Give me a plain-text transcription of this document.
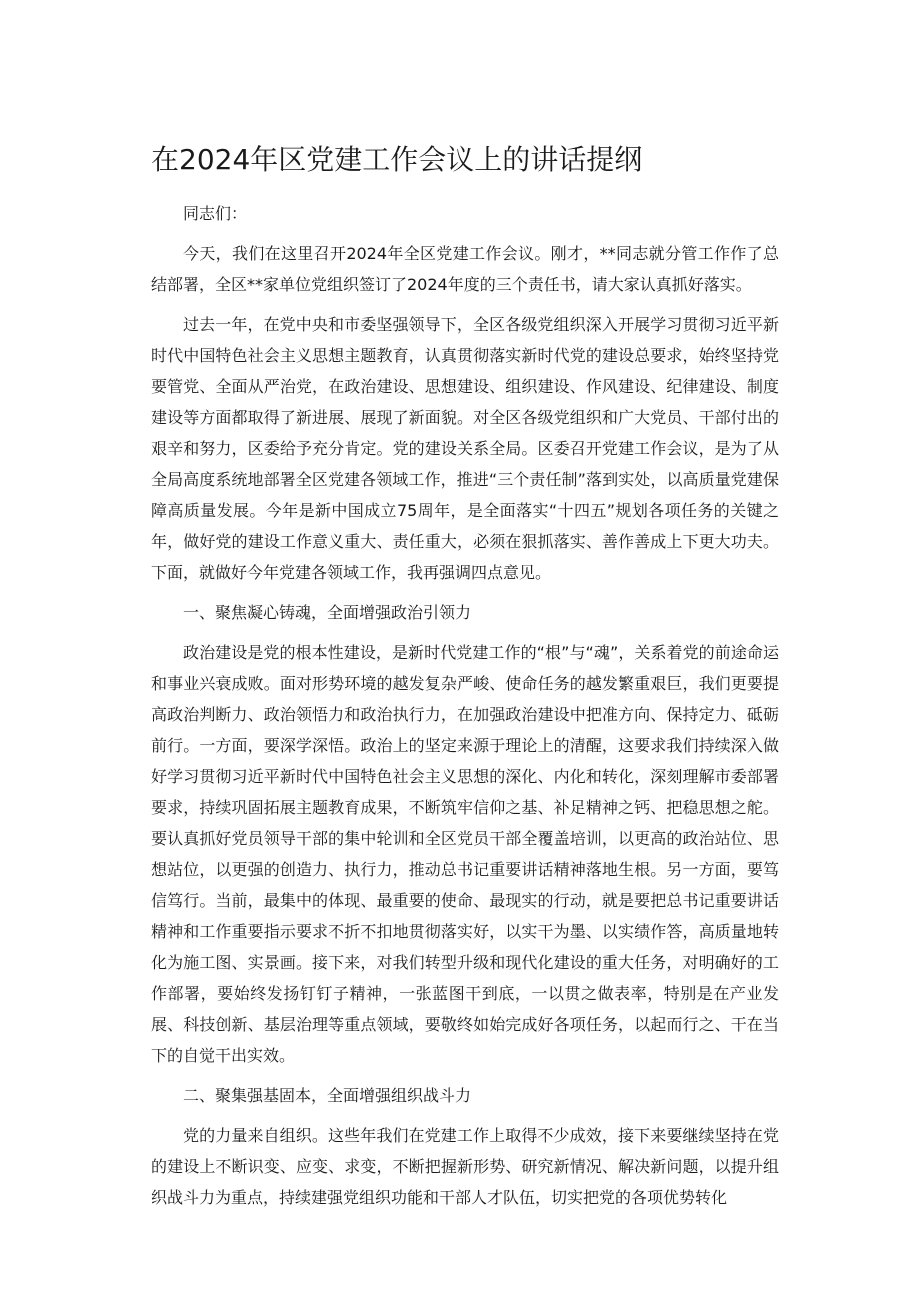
在2024年区党建工作会议上的讲话提纲

同志们：

今天，我们在这里召开2024年全区党建工作会议。刚才，**同志就分管工作作了总结部署，全区**家单位党组织签订了2024年度的三个责任书，请大家认真抓好落实。

过去一年，在党中央和市委坚强领导下，全区各级党组织深入开展学习贯彻习近平新时代中国特色社会主义思想主题教育，认真贯彻落实新时代党的建设总要求，始终坚持党要管党、全面从严治党，在政治建设、思想建设、组织建设、作风建设、纪律建设、制度建设等方面都取得了新进展、展现了新面貌。对全区各级党组织和广大党员、干部付出的艰辛和努力，区委给予充分肯定。党的建设关系全局。区委召开党建工作会议，是为了从全局高度系统地部署全区党建各领域工作，推进“三个责任制”落到实处，以高质量党建保障高质量发展。今年是新中国成立75周年，是全面落实“十四五”规划各项任务的关键之年，做好党的建设工作意义重大、责任重大，必须在狠抓落实、善作善成上下更大功夫。下面，就做好今年党建各领域工作，我再强调四点意见。

一、聚焦凝心铸魂，全面增强政治引领力

政治建设是党的根本性建设，是新时代党建工作的“根”与“魂”，关系着党的前途命运和事业兴衰成败。面对形势环境的越发复杂严峻、使命任务的越发繁重艰巨，我们更要提高政治判断力、政治领悟力和政治执行力，在加强政治建设中把准方向、保持定力、砥砺前行。一方面，要深学深悟。政治上的坚定来源于理论上的清醒，这要求我们持续深入做好学习贯彻习近平新时代中国特色社会主义思想的深化、内化和转化，深刻理解市委部署要求，持续巩固拓展主题教育成果，不断筑牢信仰之基、补足精神之钙、把稳思想之舵。要认真抓好党员领导干部的集中轮训和全区党员干部全覆盖培训，以更高的政治站位、思想站位，以更强的创造力、执行力，推动总书记重要讲话精神落地生根。另一方面，要笃信笃行。当前，最集中的体现、最重要的使命、最现实的行动，就是要把总书记重要讲话精神和工作重要指示要求不折不扣地贯彻落实好，以实干为墨、以实绩作答，高质量地转化为施工图、实景画。接下来，对我们转型升级和现代化建设的重大任务，对明确好的工作部署，要始终发扬钉钉子精神，一张蓝图干到底，一以贯之做表率，特别是在产业发展、科技创新、基层治理等重点领域，要敬终如始完成好各项任务，以起而行之、干在当下的自觉干出实效。

二、聚集强基固本，全面增强组织战斗力

党的力量来自组织。这些年我们在党建工作上取得不少成效，接下来要继续坚持在党的建设上不断识变、应变、求变，不断把握新形势、研究新情况、解决新问题，以提升组织战斗力为重点，持续建强党组织功能和干部人才队伍，切实把党的各项优势转化
